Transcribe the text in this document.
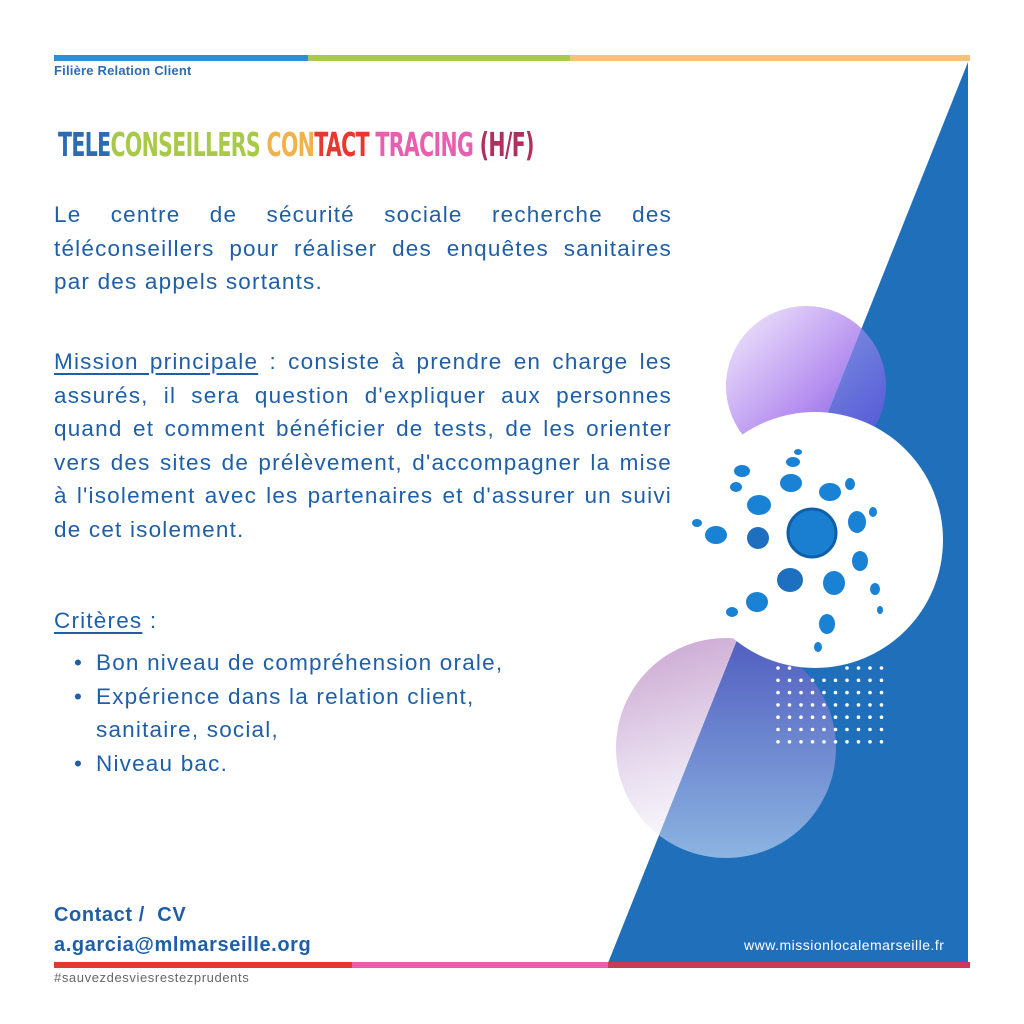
Filière Relation Client
TELE CONSEILLERS CON TACT TRACING (H/F)
Le centre de sécurité sociale recherche des téléconseillers pour réaliser des enquêtes sanitaires par des appels sortants.
Mission principale : consiste à prendre en charge les assurés, il sera question d'expliquer aux personnes quand et comment bénéficier de tests, de les orienter vers des sites de prélèvement, d'accompagner la mise à l'isolement avec les partenaires et d'assurer un suivi de cet isolement.
Critères :
• Bon niveau de compréhension orale,
• Expérience dans la relation client,
sanitaire, social,
• Niveau bac.
Contact /  CV
a.garcia@mlmarseille.org	www.missionlocalemarseille.fr
#sauvezdesviesrestezprudents
